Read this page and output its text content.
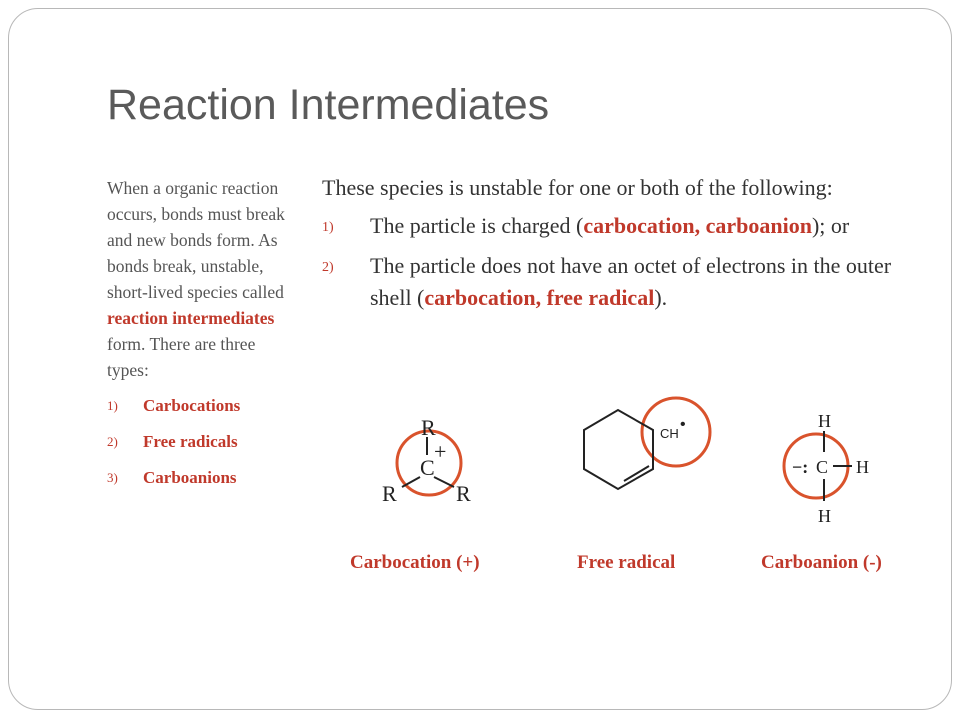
Reaction Intermediates

When a organic reaction occurs, bonds must break and new bonds form. As bonds break, unstable, short-lived species called reaction intermediates form. There are three types:

1)	Carbocations
2)	Free radicals
3)	Carboanions

These species is unstable for one or both of the following:

1)	The particle is charged (carbocation, carboanion); or
2)	The particle does not have an octet of electrons in the outer shell (carbocation, free radical).
R
+
C
R	R
CH
•	H
−: C H
H
Carbocation (+)	Free radical	Carboanion (-)
